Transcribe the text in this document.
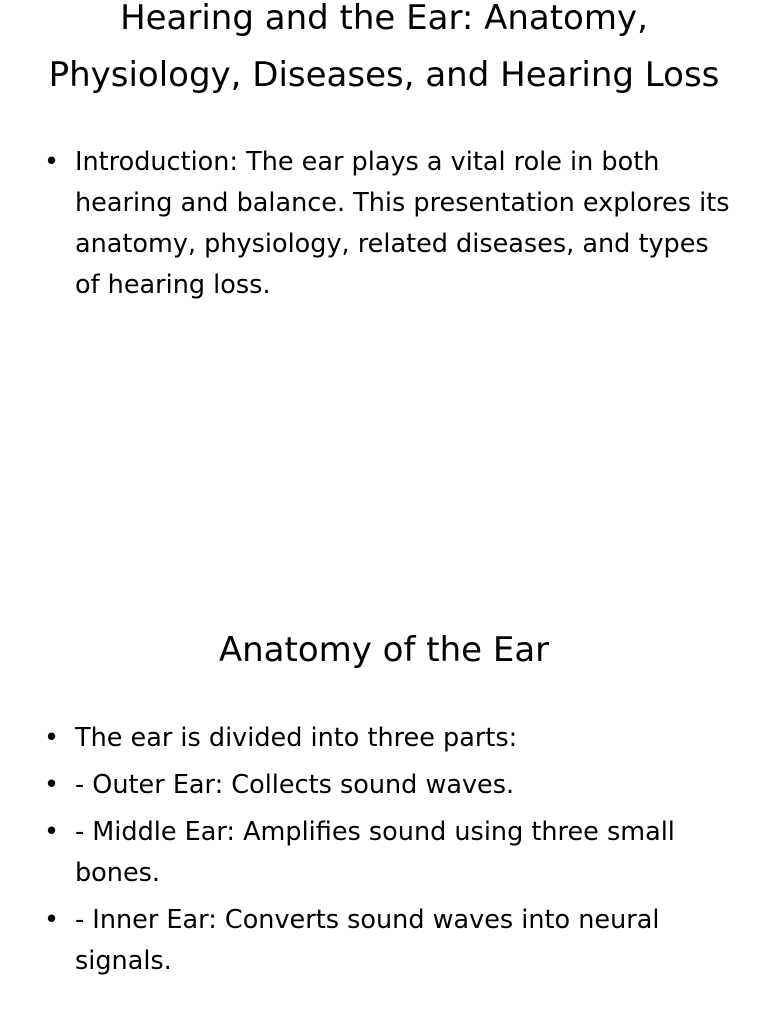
Hearing and the Ear: Anatomy, Physiology, Diseases, and Hearing Loss
• Introduction: The ear plays a vital role in both hearing and balance. This presentation explores its anatomy, physiology, related diseases, and types of hearing loss.
Anatomy of the Ear
• The ear is divided into three parts:
• - Outer Ear: Collects sound waves.
• - Middle Ear: Amplifies sound using three small bones.
• - Inner Ear: Converts sound waves into neural signals.
